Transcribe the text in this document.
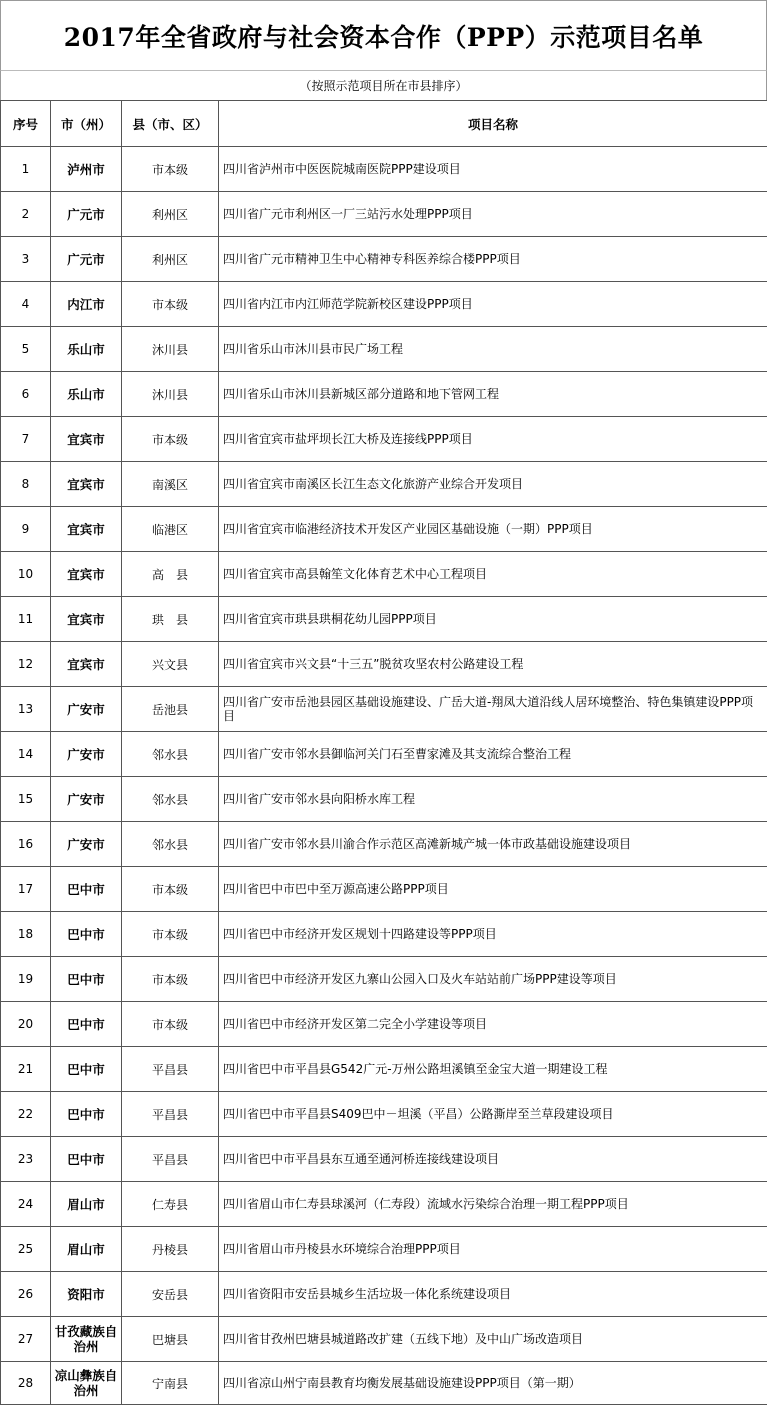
2017年全省政府与社会资本合作（PPP）示范项目名单
（按照示范项目所在市县排序）
序号	市（州）	县（市、区）	项目名称
1	泸州市	市本级	四川省泸州市中医医院城南医院PPP建设项目
2	广元市	利州区	四川省广元市利州区一厂三站污水处理PPP项目
3	广元市	利州区	四川省广元市精神卫生中心精神专科医养综合楼PPP项目
4	内江市	市本级	四川省内江市内江师范学院新校区建设PPP项目
5	乐山市	沐川县	四川省乐山市沐川县市民广场工程
6	乐山市	沐川县	四川省乐山市沐川县新城区部分道路和地下管网工程
7	宜宾市	市本级	四川省宜宾市盐坪坝长江大桥及连接线PPP项目
8	宜宾市	南溪区	四川省宜宾市南溪区长江生态文化旅游产业综合开发项目
9	宜宾市	临港区	四川省宜宾市临港经济技术开发区产业园区基础设施（一期）PPP项目
10	宜宾市	高　县	四川省宜宾市高县翰笙文化体育艺术中心工程项目
11	宜宾市	珙　县	四川省宜宾市珙县珙桐花幼儿园PPP项目
12	宜宾市	兴文县	四川省宜宾市兴文县“十三五”脱贫攻坚农村公路建设工程
13	广安市	岳池县	四川省广安市岳池县园区基础设施建设、广岳大道-翔凤大道沿线人居环境整治、特色集镇建设PPP项目
14	广安市	邻水县	四川省广安市邻水县御临河关门石至曹家滩及其支流综合整治工程
15	广安市	邻水县	四川省广安市邻水县向阳桥水库工程
16	广安市	邻水县	四川省广安市邻水县川渝合作示范区高滩新城产城一体市政基础设施建设项目
17	巴中市	市本级	四川省巴中市巴中至万源高速公路PPP项目
18	巴中市	市本级	四川省巴中市经济开发区规划十四路建设等PPP项目
19	巴中市	市本级	四川省巴中市经济开发区九寨山公园入口及火车站站前广场PPP建设等项目
20	巴中市	市本级	四川省巴中市经济开发区第二完全小学建设等项目
21	巴中市	平昌县	四川省巴中市平昌县G542广元-万州公路坦溪镇至金宝大道一期建设工程
22	巴中市	平昌县	四川省巴中市平昌县S409巴中－坦溪（平昌）公路澌岸至兰草段建设项目
23	巴中市	平昌县	四川省巴中市平昌县东互通至通河桥连接线建设项目
24	眉山市	仁寿县	四川省眉山市仁寿县球溪河（仁寿段）流域水污染综合治理一期工程PPP项目
25	眉山市	丹棱县	四川省眉山市丹棱县水环境综合治理PPP项目
26	资阳市	安岳县	四川省资阳市安岳县城乡生活垃圾一体化系统建设项目
27	甘孜藏族自治州	巴塘县	四川省甘孜州巴塘县城道路改扩建（五线下地）及中山广场改造项目
28	凉山彝族自治州	宁南县	四川省凉山州宁南县教育均衡发展基础设施建设PPP项目（第一期）
